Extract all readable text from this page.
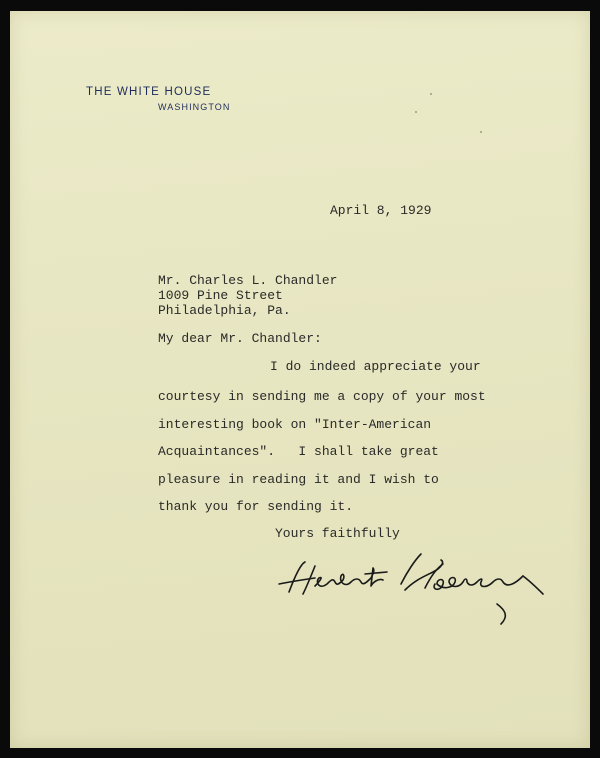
THE WHITE HOUSE
WASHINGTON
April 8, 1929
Mr. Charles L. Chandler
1009 Pine Street
Philadelphia, Pa.
My dear Mr. Chandler:
I do indeed appreciate your
courtesy in sending me a copy of your most
interesting book on "Inter-American
Acquaintances".   I shall take great
pleasure in reading it and I wish to
thank you for sending it.
Yours faithfully
